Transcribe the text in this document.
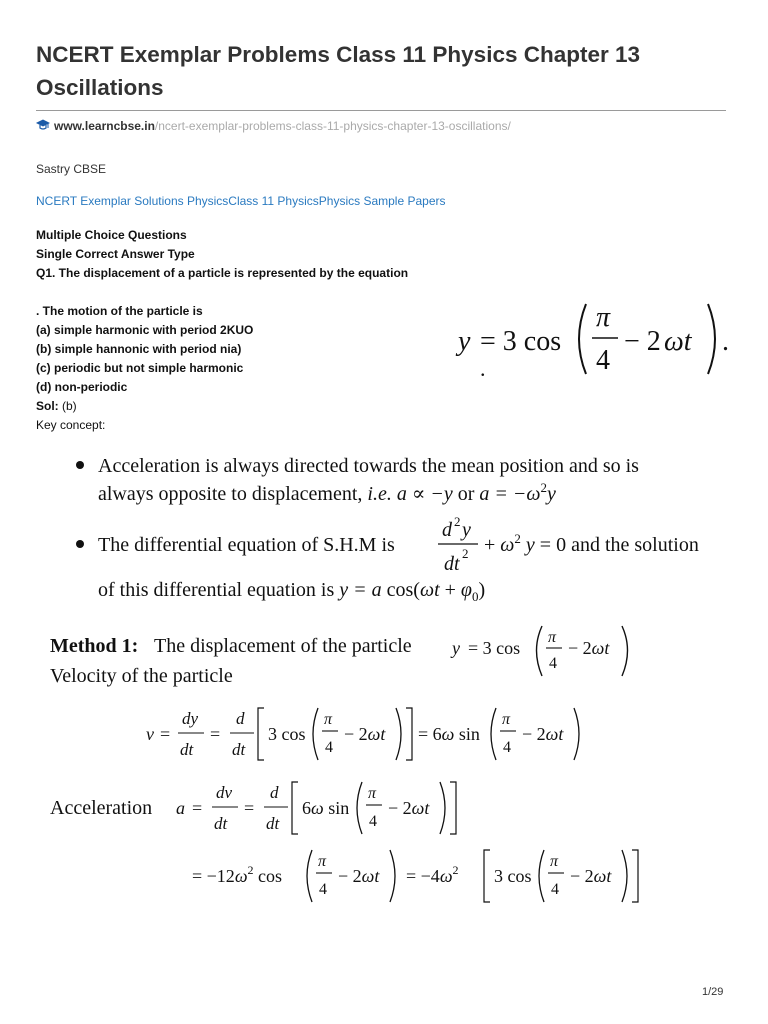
NCERT Exemplar Problems Class 11 Physics Chapter 13 Oscillations
www.learncbse.in/ncert-exemplar-problems-class-11-physics-chapter-13-oscillations/
Sastry CBSE
NCERT Exemplar Solutions PhysicsClass 11 PhysicsPhysics Sample Papers
Multiple Choice Questions
Single Correct Answer Type
Q1. The displacement of a particle is represented by the equation
. The motion of the particle is
(a) simple harmonic with period 2KUO
(b) simple hannonic with period nia)
(c) periodic but not simple harmonic
(d) non-periodic
Sol: (b)
Key concept:
y = 3 cos
π
4
− 2 ωt .
.
Acceleration is always directed towards the mean position and so is
always opposite to displacement, i.e. a ∝ −y or $a = -\omega^2y$
The differential equation of S.H.M is
d 2 y
dt $2 + \omega^2$ y = 0 and the solution
of this differential equation is y = a $\cos(\omega t + \varphi_0)$
Method 1: The displacement of the particle y = 3 cos
π
4
− 2ωt
Velocity of the particle
v =
dy
dt
=
d
dt
3 cos
π
4
− 2ωt = 6ω sin
π
4
− 2ωt
Acceleration a =
dv
dt
=
d
dt
6ω sin
π
4
− 2ωt
= $-12\omega^2$ cos
π
4
− $2\omega t = -4\omega^2$ 3 cos
π
4
− 2ωt
1/29
